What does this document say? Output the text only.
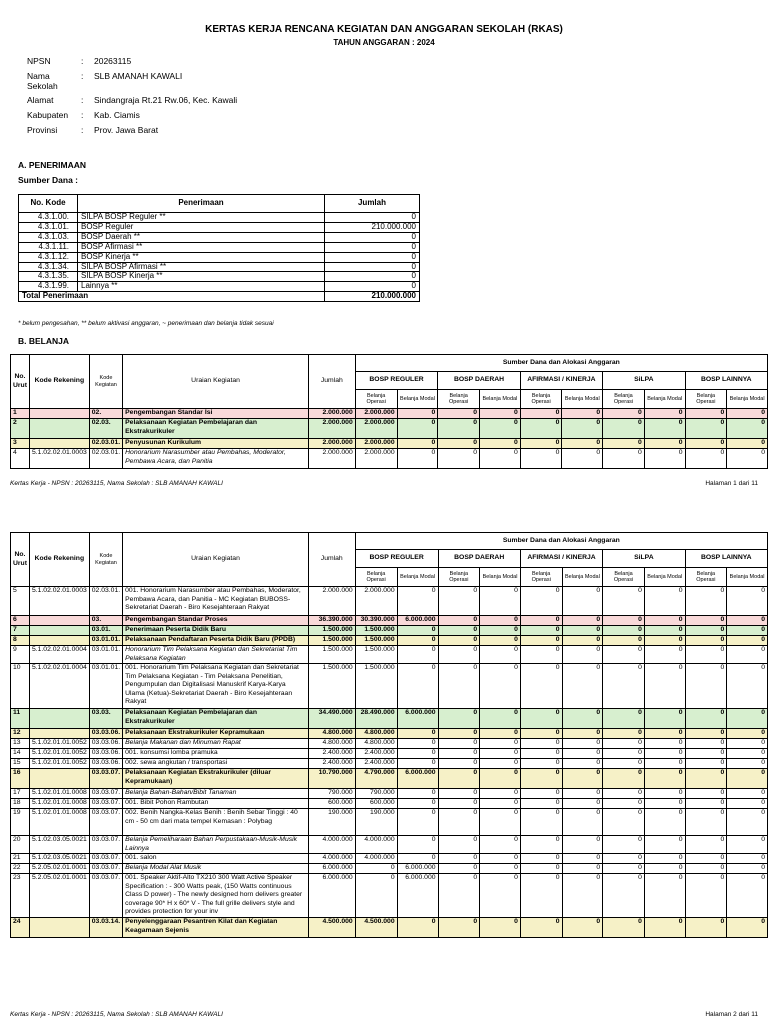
KERTAS KERJA RENCANA KEGIATAN DAN ANGGARAN SEKOLAH (RKAS)
TAHUN ANGGARAN : 2024
NPSN	:	20263115
Nama Sekolah	:	SLB AMANAH KAWALI
Alamat	:	Sindangraja Rt.21 Rw.06, Kec. Kawali
Kabupaten	:	Kab. Ciamis
Provinsi	:	Prov. Jawa Barat
A. PENERIMAAN
Sumber Dana :
No. Kode	Penerimaan	Jumlah
4.3.1.00.	SILPA BOSP Reguler **	0
4.3.1.01.	BOSP Reguler	210.000.000
4.3.1.03.	BOSP Daerah **	0
4.3.1.11.	BOSP Afirmasi **	0
4.3.1.12.	BOSP Kinerja **	0
4.3.1.34.	SILPA BOSP Afirmasi **	0
4.3.1.35.	SILPA BOSP Kinerja **	0
4.3.1.99.	Lainnya **	0
Total Penerimaan		210.000.000
* belum pengesahan, ** belum aktivasi anggaran, ~ penerimaan dan belanja tidak sesuai
B. BELANJA
No. Urut	Kode Rekening	Kode Kegiatan	Uraian Kegiatan	Jumlah	Sumber Dana dan Alokasi Anggaran									
					BOSP REGULER		BOSP DAERAH		AFIRMASI / KINERJA		SiLPA		BOSP LAINNYA	
					Belanja Operasi	Belanja Modal	Belanja Operasi	Belanja Modal	Belanja Operasi	Belanja Modal	Belanja Operasi	Belanja Modal	Belanja Operasi	Belanja Modal
1		02.	Pengembangan Standar Isi	2.000.000	2.000.000	0	0	0	0	0	0	0	0	0
2		02.03.	Pelaksanaan Kegiatan Pembelajaran dan Ekstrakurikuler	2.000.000	2.000.000	0	0	0	0	0	0	0	0	0
3		02.03.01.	Penyusunan Kurikulum	2.000.000	2.000.000	0	0	0	0	0	0	0	0	0
4	5.1.02.02.01.0003	02.03.01.	Honorarium Narasumber atau Pembahas, Moderator, Pembawa Acara, dan Panitia	2.000.000	2.000.000	0	0	0	0	0	0	0	0	0
Kertas Kerja - NPSN : 20263115, Nama Sekolah : SLB AMANAH KAWALI	Halaman 1 dari 11
No. Urut	Kode Rekening	Kode Kegiatan	Uraian Kegiatan	Jumlah	Sumber Dana dan Alokasi Anggaran									
					BOSP REGULER		BOSP DAERAH		AFIRMASI / KINERJA		SiLPA		BOSP LAINNYA	
					Belanja Operasi	Belanja Modal	Belanja Operasi	Belanja Modal	Belanja Operasi	Belanja Modal	Belanja Operasi	Belanja Modal	Belanja Operasi	Belanja Modal
5	5.1.02.02.01.0003	02.03.01.	001. Honorarium Narasumber atau Pembahas, Moderator, Pembawa Acara, dan Panitia - MC Kegiatan BUBOSS-Sekretariat Daerah - Biro Kesejahteraan Rakyat	2.000.000	2.000.000	0	0	0	0	0	0	0	0	0
6		03.	Pengembangan Standar Proses	36.390.000	30.390.000	6.000.000	0	0	0	0	0	0	0	0
7		03.01.	Penerimaan Peserta Didik Baru	1.500.000	1.500.000	0	0	0	0	0	0	0	0	0
8		03.01.01.	Pelaksanaan Pendaftaran Peserta Didik Baru (PPDB)	1.500.000	1.500.000	0	0	0	0	0	0	0	0	0
9	5.1.02.02.01.0004	03.01.01.	Honorarium Tim Pelaksana Kegiatan dan Sekretariat Tim Pelaksana Kegiatan	1.500.000	1.500.000	0	0	0	0	0	0	0	0	0
10	5.1.02.02.01.0004	03.01.01.	001. Honorarium Tim Pelaksana Kegiatan dan Sekretariat Tim Pelaksana Kegiatan - Tim Pelaksana Penelitian, Pengumpulan dan Digitalisasi Manuskrif Karya-Karya Ulama (Ketua)-Sekretariat Daerah - Biro Kesejahteraan Rakyat	1.500.000	1.500.000	0	0	0	0	0	0	0	0	0
11		03.03.	Pelaksanaan Kegiatan Pembelajaran dan Ekstrakurikuler	34.490.000	28.490.000	6.000.000	0	0	0	0	0	0	0	0
12		03.03.06.	Pelaksanaan Ekstrakurikuler Kepramukaan	4.800.000	4.800.000	0	0	0	0	0	0	0	0	0
13	5.1.02.01.01.0052	03.03.06.	Belanja Makanan dan Minuman Rapat	4.800.000	4.800.000	0	0	0	0	0	0	0	0	0
14	5.1.02.01.01.0052	03.03.06.	001. konsumsi lomba pramuka	2.400.000	2.400.000	0	0	0	0	0	0	0	0	0
15	5.1.02.01.01.0052	03.03.06.	002. sewa angkutan / transportasi	2.400.000	2.400.000	0	0	0	0	0	0	0	0	0
16		03.03.07.	Pelaksanaan Kegiatan Ekstrakurikuler (diluar Kepramukaan)	10.790.000	4.790.000	6.000.000	0	0	0	0	0	0	0	0
17	5.1.02.01.01.0008	03.03.07.	Belanja Bahan-Bahan/Bibit Tanaman	790.000	790.000	0	0	0	0	0	0	0	0	0
18	5.1.02.01.01.0008	03.03.07.	001. Bibit Pohon Rambutan	600.000	600.000	0	0	0	0	0	0	0	0	0
19	5.1.02.01.01.0008	03.03.07.	002. Benih Nangka-Kelas Benih : Benih Sebar Tinggi : 40 cm - 50 cm dari mata tempel Kemasan : Polybag	190.000	190.000	0	0	0	0	0	0	0	0	0
20	5.1.02.03.05.0021	03.03.07.	Belanja Pemeliharaan Bahan Perpustakaan-Musik-Musik Lainnya	4.000.000	4.000.000	0	0	0	0	0	0	0	0	0
21	5.1.02.03.05.0021	03.03.07.	001. salon	4.000.000	4.000.000	0	0	0	0	0	0	0	0	0
22	5.2.05.02.01.0001	03.03.07.	Belanja Modal Alat Musik	6.000.000	0	6.000.000	0	0	0	0	0	0	0	0
23	5.2.05.02.01.0001	03.03.07.	001. Speaker Aktif-Alto TX210 300 Watt Active Speaker Specification : - 300 Watts peak, (150 Watts continuous Class D power) - The newly designed horn delivers greater coverage 90* H x 60* V - The full grille delivers style and provides protection for your inv	6.000.000	0	6.000.000	0	0	0	0	0	0	0	0
24		03.03.14.	Penyelenggaraan Pesantren Kilat dan Kegiatan Keagamaan Sejenis	4.500.000	4.500.000	0	0	0	0	0	0	0	0	0
Kertas Kerja - NPSN : 20263115, Nama Sekolah : SLB AMANAH KAWALI	Halaman 2 dari 11
